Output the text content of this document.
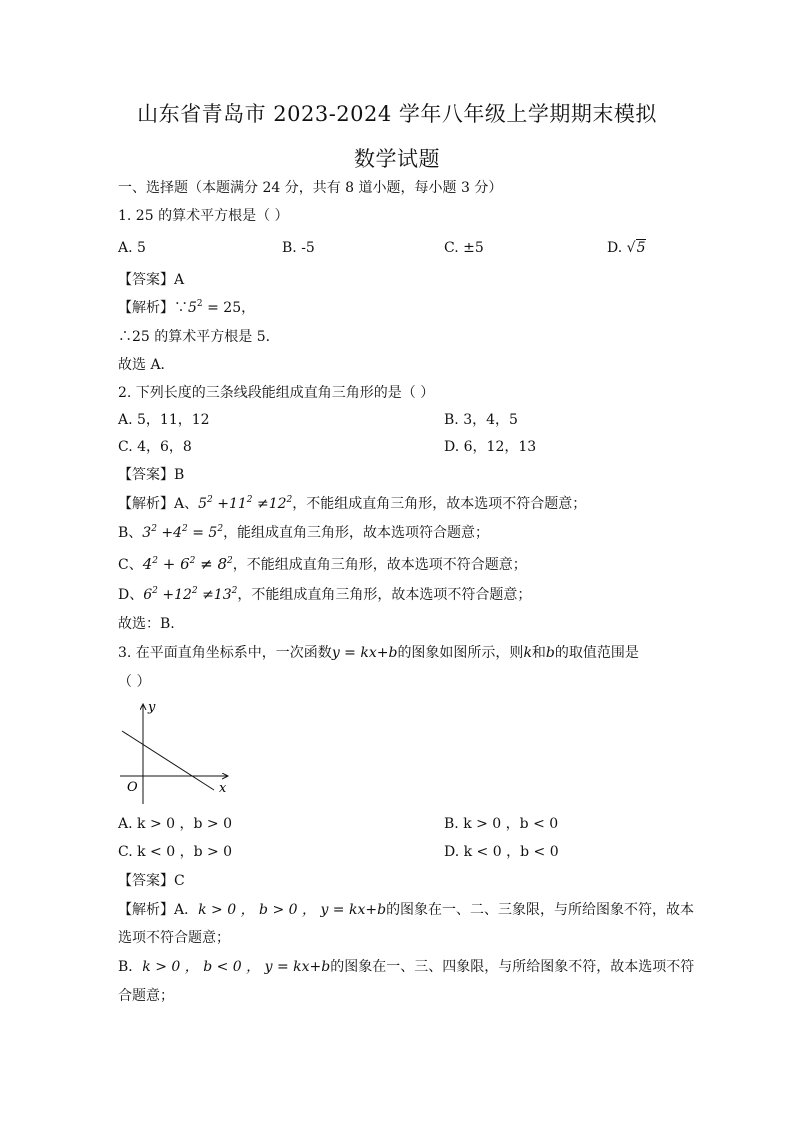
山东省青岛市 2023-2024 学年八年级上学期期末模拟
数学试题
一、选择题（本题满分 24 分，共有 8 道小题，每小题 3 分）
1. 25 的算术平方根是（ ）
A. 5	B. -5	C. ±5	D. √5
【答案】A
【解析】$\because 5^2 = 25$，
∴25 的算术平方根是 5．
故选 A．
2. 下列长度的三条线段能组成直角三角形的是（ ）
A. 5，11，12	B. 3，4，5
C. 4，6，8	D. 6，12，13
【答案】B
【解析】A、$5^2 +11^2 \ne 12^2$，不能组成直角三角形，故本选项不符合题意；
B、$3^2 +4^2 = 5^2$，能组成直角三角形，故本选项符合题意；
C、$4^2 + 6^2 \ne 8^2$，不能组成直角三角形，故本选项不符合题意；
D、$6^2 +12^2 \ne 13^2$，不能组成直角三角形，故本选项不符合题意；
故选：B.
3. 在平面直角坐标系中，一次函数y = kx+b的图象如图所示，则k和b的取值范围是
（ ）
y
x
O
A. k > 0 ，b > 0	B. k > 0 ，b < 0
C. k < 0 ，b > 0	D. k < 0 ，b < 0
【答案】C
【解析】A．k > 0 ， b > 0 ， y = kx+b的图象在一、二、三象限，与所给图象不符，故本
选项不符合题意；
B．k > 0 ， b < 0 ， y = kx+b的图象在一、三、四象限，与所给图象不符，故本选项不符
合题意；
